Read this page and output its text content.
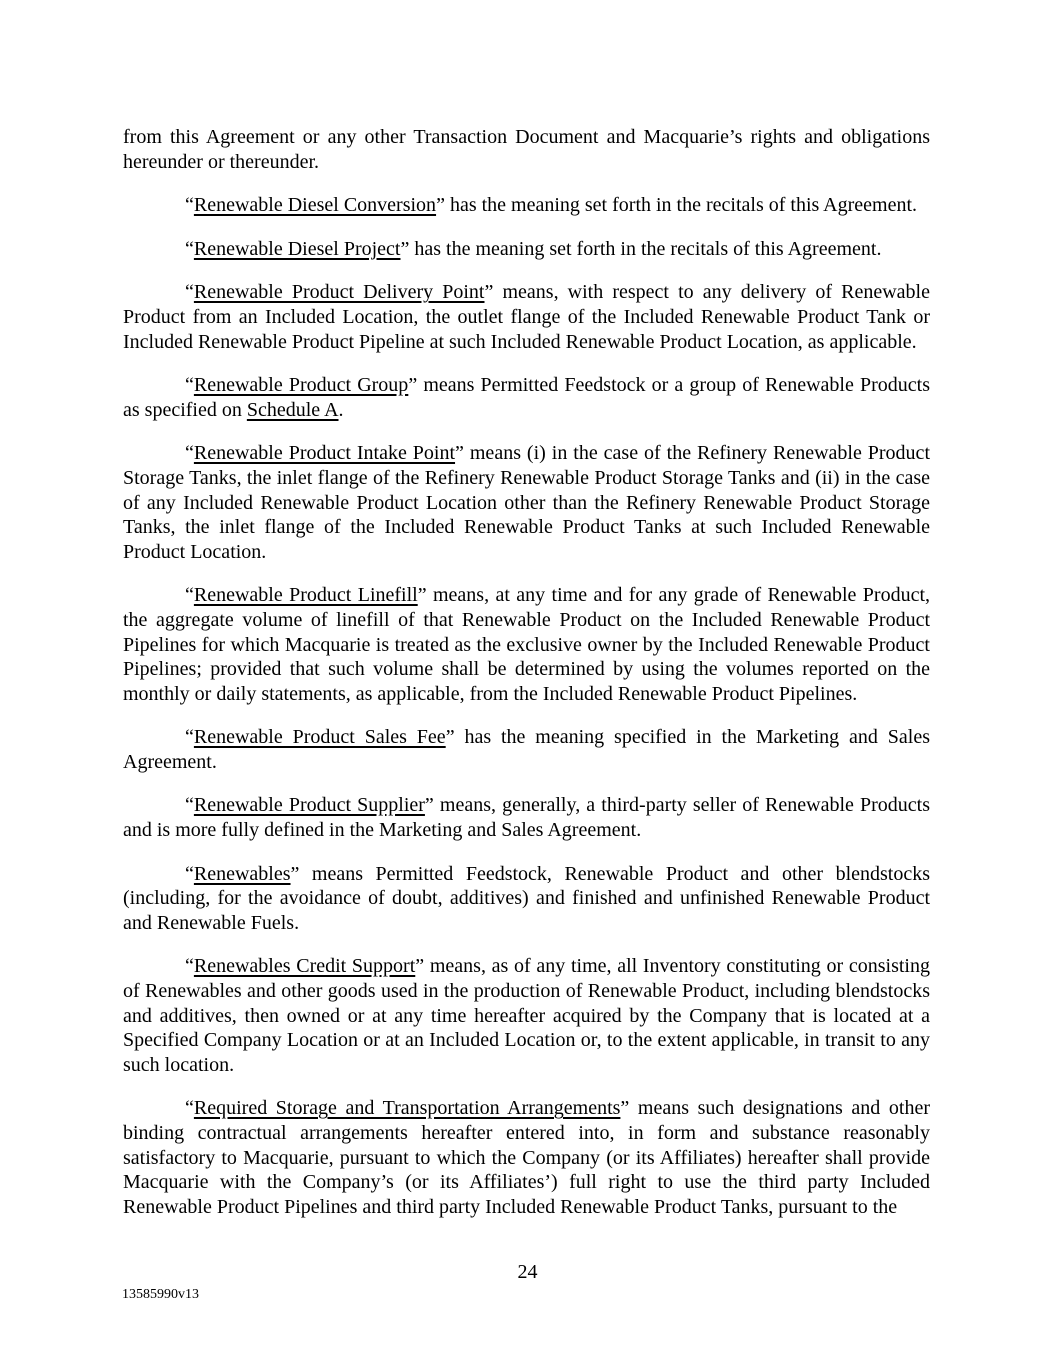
from this Agreement or any other Transaction Document and Macquarie’s rights and obligations hereunder or thereunder.

“Renewable Diesel Conversion” has the meaning set forth in the recitals of this Agreement.

“Renewable Diesel Project” has the meaning set forth in the recitals of this Agreement.

“Renewable Product Delivery Point” means, with respect to any delivery of Renewable Product from an Included Location, the outlet flange of the Included Renewable Product Tank or Included Renewable Product Pipeline at such Included Renewable Product Location, as applicable.

“Renewable Product Group” means Permitted Feedstock or a group of Renewable Products as specified on Schedule A.

“Renewable Product Intake Point” means (i) in the case of the Refinery Renewable Product Storage Tanks, the inlet flange of the Refinery Renewable Product Storage Tanks and (ii) in the case of any Included Renewable Product Location other than the Refinery Renewable Product Storage Tanks, the inlet flange of the Included Renewable Product Tanks at such Included Renewable Product Location.

“Renewable Product Linefill” means, at any time and for any grade of Renewable Product, the aggregate volume of linefill of that Renewable Product on the Included Renewable Product Pipelines for which Macquarie is treated as the exclusive owner by the Included Renewable Product Pipelines; provided that such volume shall be determined by using the volumes reported on the monthly or daily statements, as applicable, from the Included Renewable Product Pipelines.

“Renewable Product Sales Fee” has the meaning specified in the Marketing and Sales Agreement.

“Renewable Product Supplier” means, generally, a third-party seller of Renewable Products and is more fully defined in the Marketing and Sales Agreement.

“Renewables” means Permitted Feedstock, Renewable Product and other blendstocks (including, for the avoidance of doubt, additives) and finished and unfinished Renewable Product and Renewable Fuels.

“Renewables Credit Support” means, as of any time, all Inventory constituting or consisting of Renewables and other goods used in the production of Renewable Product, including blendstocks and additives, then owned or at any time hereafter acquired by the Company that is located at a Specified Company Location or at an Included Location or, to the extent applicable, in transit to any such location.

“Required Storage and Transportation Arrangements” means such designations and other binding contractual arrangements hereafter entered into, in form and substance reasonably satisfactory to Macquarie, pursuant to which the Company (or its Affiliates) hereafter shall provide Macquarie with the Company’s (or its Affiliates’) full right to use the third party Included Renewable Product Pipelines and third party Included Renewable Product Tanks, pursuant to the

24
13585990v13
